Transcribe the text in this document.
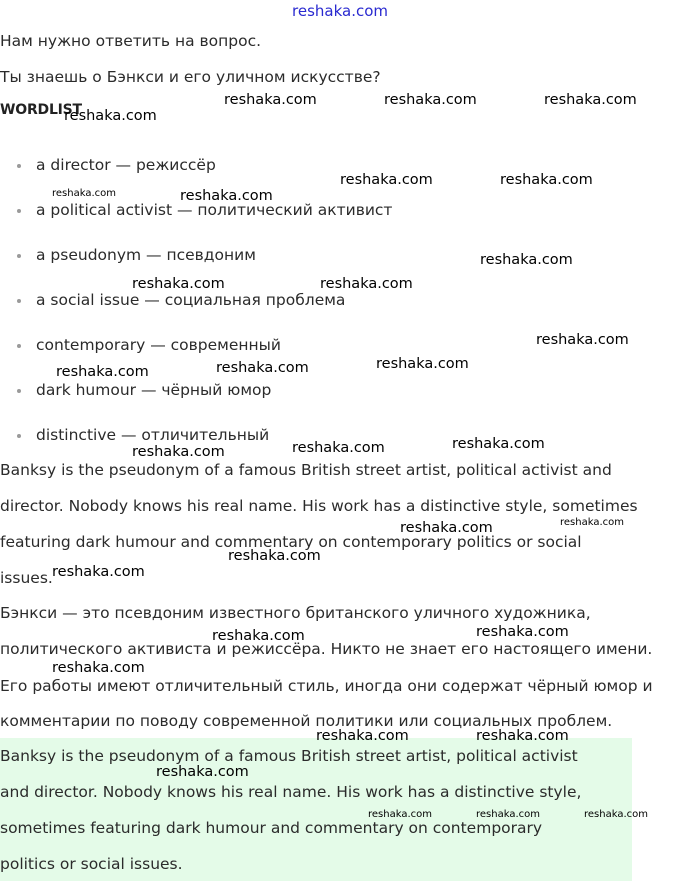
reshaka.com
Нам нужно ответить на вопрос.
Ты знаешь о Бэнкси и его уличном искусстве?
WORDLIST
a director — режиссёр
a political activist — политический активист
a pseudonym — псевдоним
a social issue — социальная проблема
contemporary — современный
dark humour — чёрный юмор
distinctive — отличительный
Banksy is the pseudonym of a famous British street artist, political activist and
director. Nobody knows his real name. His work has a distinctive style, sometimes
featuring dark humour and commentary on contemporary politics or social
issues.
Бэнкси — это псевдоним известного британского уличного художника,
политического активиста и режиссёра. Никто не знает его настоящего имени.
Его работы имеют отличительный стиль, иногда они содержат чёрный юмор и
комментарии по поводу современной политики или социальных проблем.
Banksy is the pseudonym of a famous British street artist, political activist
and director. Nobody knows his real name. His work has a distinctive style,
sometimes featuring dark humour and commentary on contemporary
politics or social issues.
reshaka.com	reshaka.com	reshaka.com
reshaka.com
reshaka.com	reshaka.com
reshaka.com	reshaka.com
reshaka.com
reshaka.com	reshaka.com
reshaka.com
reshaka.com
reshaka.com	reshaka.com
reshaka.com
reshaka.com
reshaka.com
reshaka.com	reshaka.com
reshaka.com
reshaka.com
reshaka.com
reshaka.com
reshaka.com
reshaka.com	reshaka.com
reshaka.com
reshaka.com	reshaka.com	reshaka.com
